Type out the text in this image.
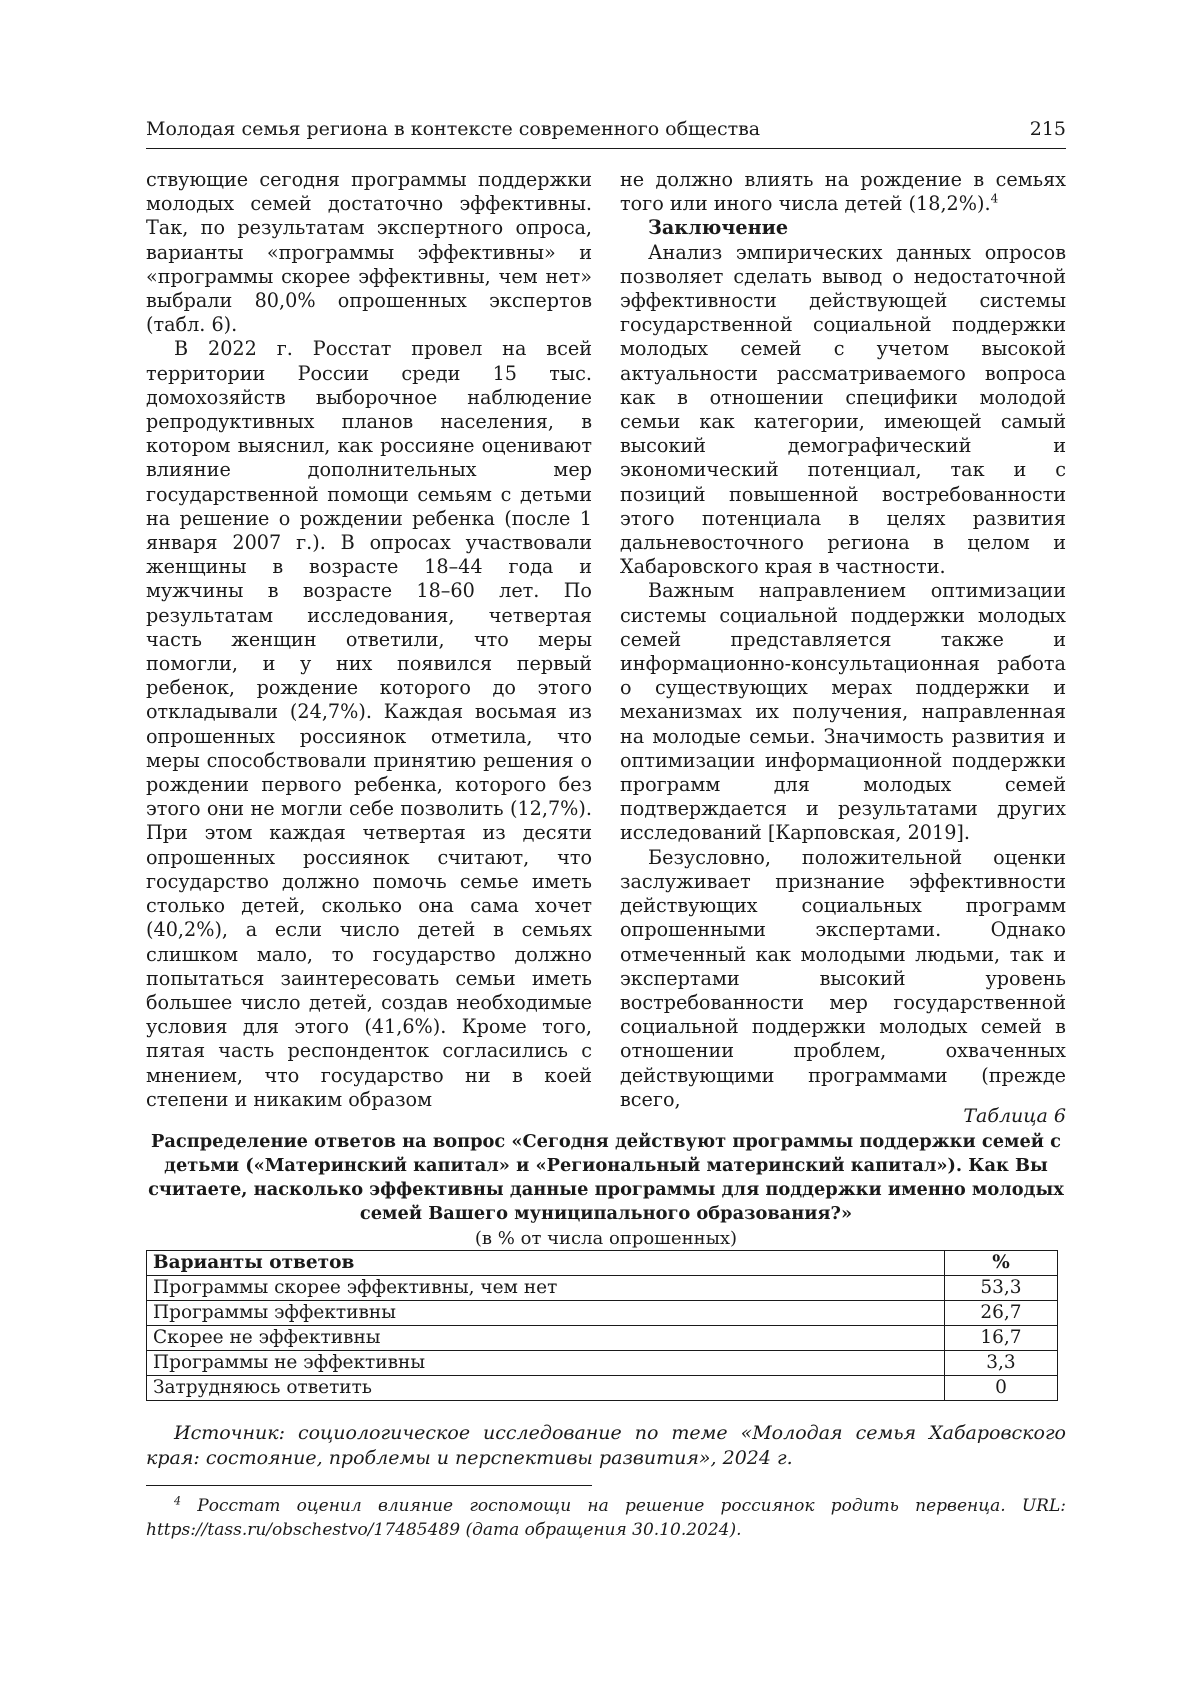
Молодая семья региона в контексте современного общества	215

ствующие сегодня программы поддержки молодых семей достаточно эффективны. Так, по результатам экспертного опроса, варианты «программы эффективны» и «программы скорее эффективны, чем нет» выбрали 80,0% опрошенных экспертов (табл. 6).

В 2022 г. Росстат провел на всей территории России среди 15 тыс. домохозяйств выборочное наблюдение репродуктивных планов населения, в котором выяснил, как россияне оценивают влияние дополнительных мер государственной помощи семьям с детьми на решение о рождении ребенка (после 1 января 2007 г.). В опросах участвовали женщины в возрасте 18–44 года и мужчины в возрасте 18–60 лет. По результатам исследования, четвертая часть женщин ответили, что меры помогли, и у них появился первый ребенок, рождение которого до этого откладывали (24,7%). Каждая восьмая из опрошенных россиянок отметила, что меры способствовали принятию решения о рождении первого ребенка, которого без этого они не могли себе позволить (12,7%). При этом каждая четвертая из десяти опрошенных россиянок считают, что государство должно помочь семье иметь столько детей, сколько она сама хочет (40,2%), а если число детей в семьях слишком мало, то государство должно попытаться заинтересовать семьи иметь большее число детей, создав необходимые условия для этого (41,6%). Кроме того, пятая часть респонденток согласились с мнением, что государство ни в коей степени и никаким образом

не должно влиять на рождение в семьях того или иного числа детей (18,2%).$^4$

Заключение

Анализ эмпирических данных опросов позволяет сделать вывод о недостаточной эффективности действующей системы государственной социальной поддержки молодых семей с учетом высокой актуальности рассматриваемого вопроса как в отношении специфики молодой семьи как категории, имеющей самый высокий демографический и экономический потенциал, так и с позиций повышенной востребованности этого потенциала в целях развития дальневосточного региона в целом и Хабаровского края в частности.

Важным направлением оптимизации системы социальной поддержки молодых семей представляется также и информационно-консультационная работа о существующих мерах поддержки и механизмах их получения, направленная на молодые семьи. Значимость развития и оптимизации информационной поддержки программ для молодых семей подтверждается и результатами других исследований [Карповская, 2019].

Безусловно, положительной оценки заслуживает признание эффективности действующих социальных программ опрошенными экспертами. Однако отмеченный как молодыми людьми, так и экспертами высокий уровень востребованности мер государственной социальной поддержки молодых семей в отношении проблем, охваченных действующими программами (прежде всего,

Таблица 6
Распределение ответов на вопрос «Сегодня действуют программы поддержки семей с детьми («Материнский капитал» и «Региональный материнский капитал»). Как Вы считаете, насколько эффективны данные программы для поддержки именно молодых семей Вашего муниципального образования?»
(в % от числа опрошенных)
Варианты ответов	%
Программы скорее эффективны, чем нет	53,3
Программы эффективны	26,7
Скорее не эффективны	16,7
Программы не эффективны	3,3
Затрудняюсь ответить	0
Источник: социологическое исследование по теме «Молодая семья Хабаровского края: состояние, проблемы и перспективы развития», 2024 г.
$^4$ Росстат оценил влияние госпомощи на решение россиянок родить первенца. URL: https://tass.ru/obschestvo/17485489 (дата обращения 30.10.2024).
